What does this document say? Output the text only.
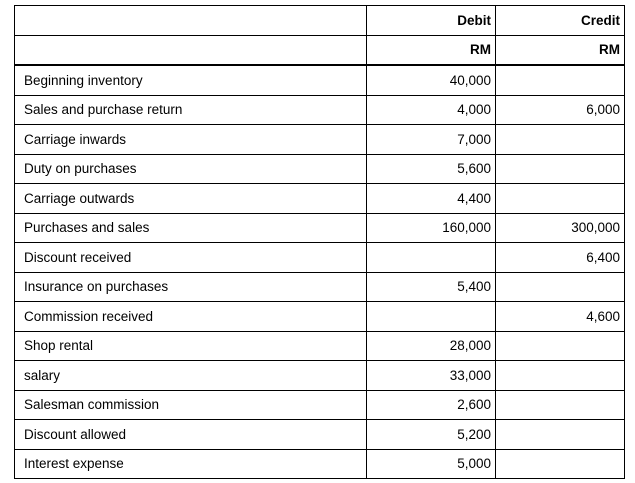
	Debit	Credit
	RM	RM
Beginning inventory	40,000	
Sales and purchase return	4,000	6,000
Carriage inwards	7,000	
Duty on purchases	5,600	
Carriage outwards	4,400	
Purchases and sales	160,000	300,000
Discount received		6,400
Insurance on purchases	5,400	
Commission received		4,600
Shop rental	28,000	
salary	33,000	
Salesman commission	2,600	
Discount allowed	5,200	
Interest expense	5,000	
